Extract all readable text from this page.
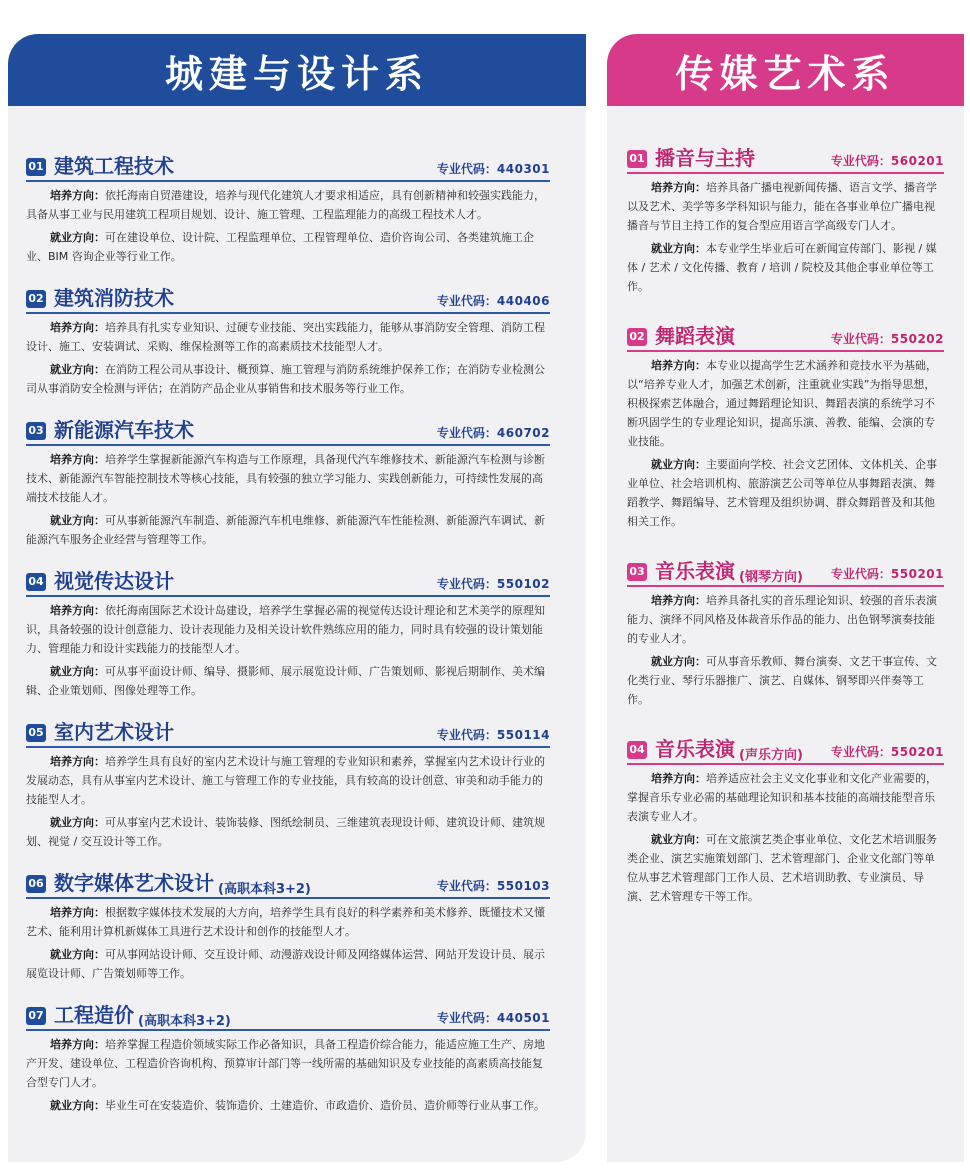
城建与设计系
01 建筑工程技术	专业代码：440301
培养方向：依托海南自贸港建设，培养与现代化建筑人才要求相适应，具有创新精神和较强实践能力，具备从事工业与民用建筑工程项目规划、设计、施工管理、工程监理能力的高级工程技术人才。
就业方向：可在建设单位、设计院、工程监理单位、工程管理单位、造价咨询公司、各类建筑施工企业、BIM 咨询企业等行业工作。
02 建筑消防技术	专业代码：440406
培养方向：培养具有扎实专业知识、过硬专业技能、突出实践能力，能够从事消防安全管理、消防工程设计、施工、安装调试、采购、维保检测等工作的高素质技术技能型人才。
就业方向：在消防工程公司从事设计、概预算、施工管理与消防系统维护保养工作；在消防专业检测公司从事消防安全检测与评估；在消防产品企业从事销售和技术服务等行业工作。
03 新能源汽车技术	专业代码：460702
培养方向：培养学生掌握新能源汽车构造与工作原理，具备现代汽车维修技术、新能源汽车检测与诊断技术、新能源汽车智能控制技术等核心技能，具有较强的独立学习能力、实践创新能力，可持续性发展的高端技术技能人才。
就业方向：可从事新能源汽车制造、新能源汽车机电维修、新能源汽车性能检测、新能源汽车调试、新能源汽车服务企业经营与管理等工作。
04 视觉传达设计	专业代码：550102
培养方向：依托海南国际艺术设计岛建设，培养学生掌握必需的视觉传达设计理论和艺术美学的原理知识，具备较强的设计创意能力、设计表现能力及相关设计软件熟练应用的能力，同时具有较强的设计策划能力、管理能力和设计实践能力的技能型人才。
就业方向：可从事平面设计师、编导、摄影师、展示展览设计师、广告策划师、影视后期制作、美术编辑、企业策划师、图像处理等工作。
05 室内艺术设计	专业代码：550114
培养方向：培养学生具有良好的室内艺术设计与施工管理的专业知识和素养，掌握室内艺术设计行业的发展动态，具有从事室内艺术设计、施工与管理工作的专业技能，具有较高的设计创意、审美和动手能力的技能型人才。
就业方向：可从事室内艺术设计、装饰装修、图纸绘制员、三维建筑表现设计师、建筑设计师、建筑规划、视觉 / 交互设计等工作。
06 数字媒体艺术设计 (高职本科3+2)	专业代码：550103
培养方向：根据数字媒体技术发展的大方向，培养学生具有良好的科学素养和美术修养、既懂技术又懂艺术、能利用计算机新媒体工具进行艺术设计和创作的技能型人才。
就业方向：可从事网站设计师、交互设计师、动漫游戏设计师及网络媒体运营、网站开发设计员、展示展览设计师、广告策划师等工作。
07 工程造价 (高职本科3+2)	专业代码：440501
培养方向：培养掌握工程造价领域实际工作必备知识，具备工程造价综合能力，能适应施工生产、房地产开发、建设单位、工程造价咨询机构、预算审计部门等一线所需的基础知识及专业技能的高素质高技能复合型专门人才。
就业方向：毕业生可在安装造价、装饰造价、土建造价、市政造价、造价员、造价师等行业从事工作。
传媒艺术系
01 播音与主持	专业代码：560201
培养方向：培养具备广播电视新闻传播、语言文学、播音学以及艺术、美学等多学科知识与能力，能在各事业单位广播电视播音与节目主持工作的复合型应用语言学高级专门人才。
就业方向：本专业学生毕业后可在新闻宣传部门、影视 / 媒体 / 艺术 / 文化传播、教育 / 培训 / 院校及其他企事业单位等工作。
02 舞蹈表演	专业代码：550202
培养方向：本专业以提高学生艺术涵养和竞技水平为基础，以“培养专业人才，加强艺术创新，注重就业实践”为指导思想，积极探索艺体融合，通过舞蹈理论知识、舞蹈表演的系统学习不断巩固学生的专业理论知识，提高乐演、善教、能编、会演的专业技能。
就业方向：主要面向学校、社会文艺团体、文体机关、企事业单位、社会培训机构、旅游演艺公司等单位从事舞蹈表演、舞蹈教学、舞蹈编导、艺术管理及组织协调、群众舞蹈普及和其他相关工作。
03 音乐表演 (钢琴方向) 专业代码：550201
培养方向：培养具备扎实的音乐理论知识、较强的音乐表演能力、演绎不同风格及体裁音乐作品的能力、出色钢琴演奏技能的专业人才。
就业方向：可从事音乐教师、舞台演奏、文艺干事宣传、文化类行业、琴行乐器推广、演艺、自媒体、钢琴即兴伴奏等工作。
04 音乐表演 (声乐方向) 专业代码：550201
培养方向：培养适应社会主义文化事业和文化产业需要的，掌握音乐专业必需的基础理论知识和基本技能的高端技能型音乐表演专业人才。
就业方向：可在文旅演艺类企事业单位、文化艺术培训服务类企业、演艺实施策划部门、艺术管理部门、企业文化部门等单位从事艺术管理部门工作人员、艺术培训助教、专业演员、导演、艺术管理专干等工作。
